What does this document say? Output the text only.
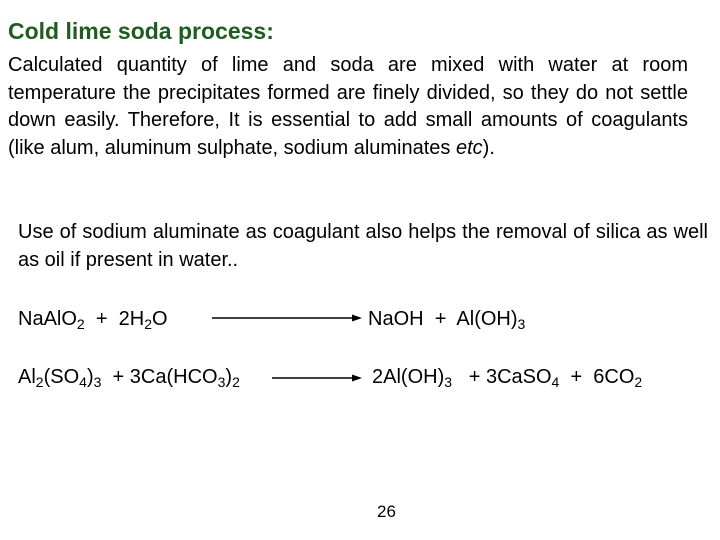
Cold lime soda process:
Calculated quantity of lime and soda are mixed with water at room temperature the precipitates formed are finely divided, so they do not settle down easily. Therefore, It is essential to add small amounts of coagulants (like alum, aluminum sulphate, sodium aluminates etc).
Use of sodium aluminate as coagulant also helps the removal of silica as well as oil if present in water..
NaAlO$_2$ + $2H_2O$	NaOH + $Al(OH)_3$
$Al_2(SO_4)_3 + 3Ca(HCO_3)_2$	$2Al(OH)_3$ + 3CaSO$_4$ + $6CO_2$
26
